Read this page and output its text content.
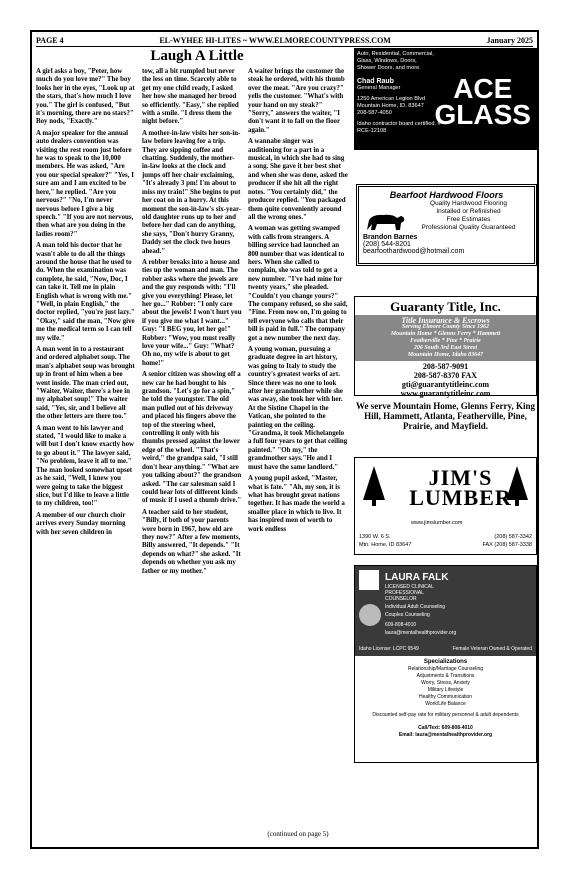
PAGE 4	EL-WYHEE HI-LITES ~ WWW.ELMORECOUNTYPRESS.COM	January 2025
Laugh A Little

A girl asks a boy, "Peter, how much do you love me?" The boy looks her in the eyes, "Look up at the stars, that's how much I love you." The girl is confused, "But it's morning, there are no stars?" Boy nods, "Exactly."

A major speaker for the annual auto dealers convention was visiting the rest room just before he was to speak to the 10,000 members. He was asked, "Are you our special speaker?" "Yes, I sure am and I am excited to be here," he replied. "Are you nervous?" "No, I'm never nervous before I give a big speech." "If you are not nervous, then what are you doing in the ladies room?"

A man told his doctor that he wasn't able to do all the things around the house that he used to do. When the examination was complete, he said, "Now, Doc, I can take it. Tell me in plain English what is wrong with me." "Well, in plain English," the doctor replied, "you're just lazy." "Okay," said the man, "Now give me the medical term so I can tell my wife."

A man went in to a restaurant and ordered alphabet soup. The man's alphabet soup was brought up in front of him when a bee went inside. The man cried out, "Waiter, Waiter, there's a bee in my alphabet soup!" The waiter said, "Yes, sir, and I believe all the other letters are there too."

A man went to his lawyer and stated, "I would like to make a will but I don't know exactly how to go about it." The lawyer said, "No problem, leave it all to me." The man looked somewhat upset as he said, "Well, I knew you were going to take the biggest slice, but I'd like to leave a little to my children, too!"

A member of our church choir arrives every Sunday morning with her seven children in

tow, all a bit rumpled but never the less on time. Scarcely able to get my one child ready, I asked her how she managed her brood so efficiently. "Easy," she replied with a smile. "I dress them the night before."

A mother-in-law visits her son-in-law before leaving for a trip. They are sipping coffee and chatting. Suddenly, the mother-in-law looks at the clock and jumps off her chair exclaiming, "It's already 3 pm! I'm about to miss my train!" She begins to put her coat on in a hurry. At this moment the son-in-law's six-year-old daughter runs up to her and before her dad can do anything, she says, "Don't hurry Granny, Daddy set the clock two hours ahead."

A robber breaks into a house and ties up the woman and man. The robber asks where the jewels are and the guy responds with: "I'll give you everything! Please, let her go..." Robber: "I only care about the jewels! I won't hurt you if you give me what I want..." Guy: "I BEG you, let her go!" Robber: "Wow, you must really love your wife..." Guy: "What? Oh no, my wife is about to get home!"

A senior citizen was showing off a new car he had bought to his grandson. "Let's go for a spin," he told the youngster. The old man pulled out of his driveway and placed his fingers above the top of the steering wheel, controlling it only with his thumbs pressed against the lower edge of the wheel. "That's weird," the grandpa said, "I still don't hear anything." "What are you talking about?" the grandson asked. "The car salesman said I could hear lots of different kinds of music if I used a thumb drive."

A teacher said to her student, "Billy, if both of your parents were born in 1967, how old are they now?" After a few moments, Billy answered, "It depends." "It depends on what?" she asked. "It depends on whether you ask my father or my mother."

A waiter brings the customer the steak he ordered, with his thumb over the meat. "Are you crazy?" yells the customer. "What's with your hand on my steak?" "Sorry," answers the waiter, "I don't want it to fall on the floor again."

A wannabe singer was auditioning for a part in a musical, in which she had to sing a song. She gave it her best shot and when she was done, asked the producer if she hit all the right notes. "You certainly did," the producer replied. "You packaged them quite conveniently around all the wrong ones."

A woman was getting swamped with calls from strangers. A billing service had launched an 800 number that was identical to hers. When she called to complain, she was told to get a new number. "I've had mine for twenty years," she pleaded. "Couldn't you change yours?" The company refused, so she said, "Fine. From now on, I'm going to tell everyone who calls that their bill is paid in full." The company got a new number the next day.

A young woman, pursuing a graduate degree in art history, was going to Italy to study the country's greatest works of art. Since there was no one to look after her grandmother while she was away, she took her with her. At the Sistine Chapel in the Vatican, she pointed to the painting on the ceiling. "Grandma, it took Michelangelo a full four years to get that ceiling painted." "Oh my," the grandmother says."He and I must have the same landlord."

A young pupil asked, "Master, what is fate." "Ah, my son, it is what has brought great nations together. It has made the world a smaller place in which to live. It has inspired men of worth to work endless

(continued on page 5)
Auto, Residential, Commercial, Glass, Windows, Doors, Shower Doors, and more.
Chad Raub
General Manager
1250 American Legion Blvd
Mountain Home, ID. 83647
208-587-4050
Idaho contractor board certified. # RCE-12108
ACE
GLASS
Bearfoot Hardwood Floors
Quality Hardwood Flooring
Installed or Refinished
Free Estimates
Professional Quality Guaranteed
Brandon Barnes
(208) 544-8201
bearfoothardwood@hotmail.com
Guaranty Title, Inc.
Title Insurance & Escrows
Serving Elmore County Since 1962
Mountain Home * Glenns Ferry * Hammett
Featherville * Pine * Prairie
206 South 3rd East Street
Mountain Home, Idaho 83647
208-587-9091
208-587-8370 FAX
gti@guarantytitleinc.com
www.guarantytitleinc.com
We serve Mountain Home, Glenns Ferry, King Hill, Hammett, Atlanta, Featherville, Pine, Prairie, and Mayfield.
JIM'S LUMBER
www.jimslumber.com
1390 W. 6 S.
Mtn. Home, ID 83647
(208) 587-3342
FAX (208) 587-3338
LAURA FALK
LICENSED CLINICAL PROFESSIONAL COUNSELOR
Individual Adult Counseling
Couples Counseling
609-808-4010
laura@mentalhealthprovider.org
Idaho License: LCPC 9549	Female Veteran Owned & Operated
Specializations
Relationship/Marriage Counseling
Adjustments & Transitions
Worry, Stress, Anxiety
Military Lifestyle
Healthy Communication
Work/Life Balance
Discounted self-pay rate for military personnel & adult dependents
Call/Text: 609-808-4010
Email: laura@mentalhealthprovider.org
